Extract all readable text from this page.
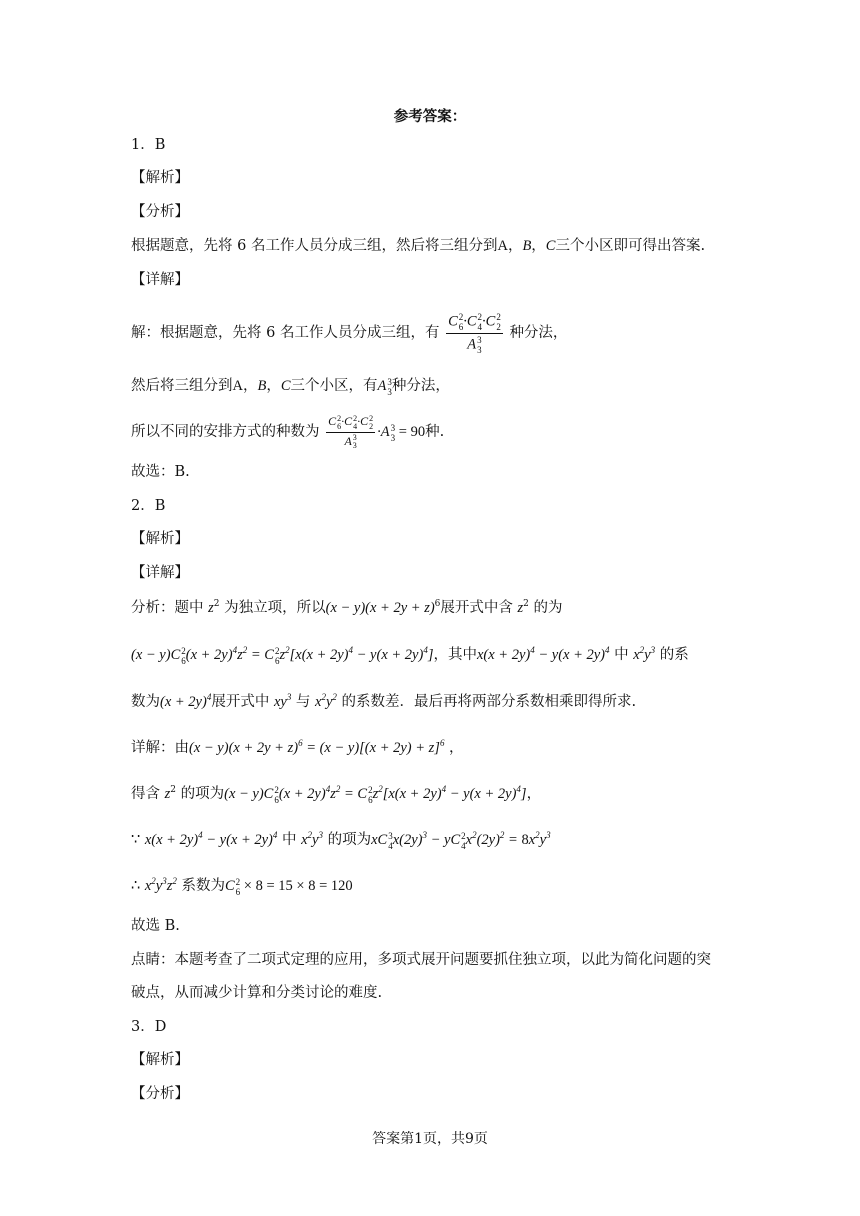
参考答案：
1．B
【解析】
【分析】
根据题意，先将 6 名工作人员分成三组，然后将三组分到A，B，C三个小区即可得出答案.
【详解】
解：根据题意，先将 6 名工作人员分成三组，有 C 2
6 ·C 2
4 ·C 2
2
A 3
3 种分法，
然后将三组分到A，B，C三个小区，有A 3
3 种分法，
所以不同的安排方式的种数为 C 2
6 ·C 2
4 ·C 2
2
A 3
3 ·A 3
3 = 90种.
故选：B.
2．B
【解析】
【详解】
分析：题中 $z^2$ 为独立项，所以$(x - y)(x + 2y + z)^6$展开式中含 $z^2$ 的为
(x − y)C 2
6 $(x + 2y)^4z^2 = C$ 2
6 $z^2[x(x + 2y)^4 - y(x + 2y)^4]$，其中$x(x + 2y)^4 - y(x + 2y)^4$ 中 $x^2y^3$ 的系
数为$(x + 2y)^4$展开式中 $xy^3$ 与 $x^2y^2$ 的系数差．最后再将两部分系数相乘即得所求.
详解：由$(x - y)(x + 2y + z)^6 = (x - y)[(x + 2y) + z]^6$ ，
得含 $z^2$ 的项为(x − y)C 2
6 $(x + 2y)^4z^2 = C$ 2
6 $z^2[x(x + 2y)^4 - y(x + 2y)^4]$，
∵ $x(x + 2y)^4 - y(x + 2y)^4$ 中 $x^2y^3$ 的项为xC 3
4 $x(2y)^3$ − yC 2
4 $x^2(2y)^2 = 8x^2y^3$
∴ $x^2y^3z^2$ 系数为C 2
6 × 8 = 15 × 8 = 120
故选 B.
点睛：本题考查了二项式定理的应用，多项式展开问题要抓住独立项，以此为简化问题的突
破点，从而减少计算和分类讨论的难度.
3．D
【解析】
【分析】
答案第1页，共9页
